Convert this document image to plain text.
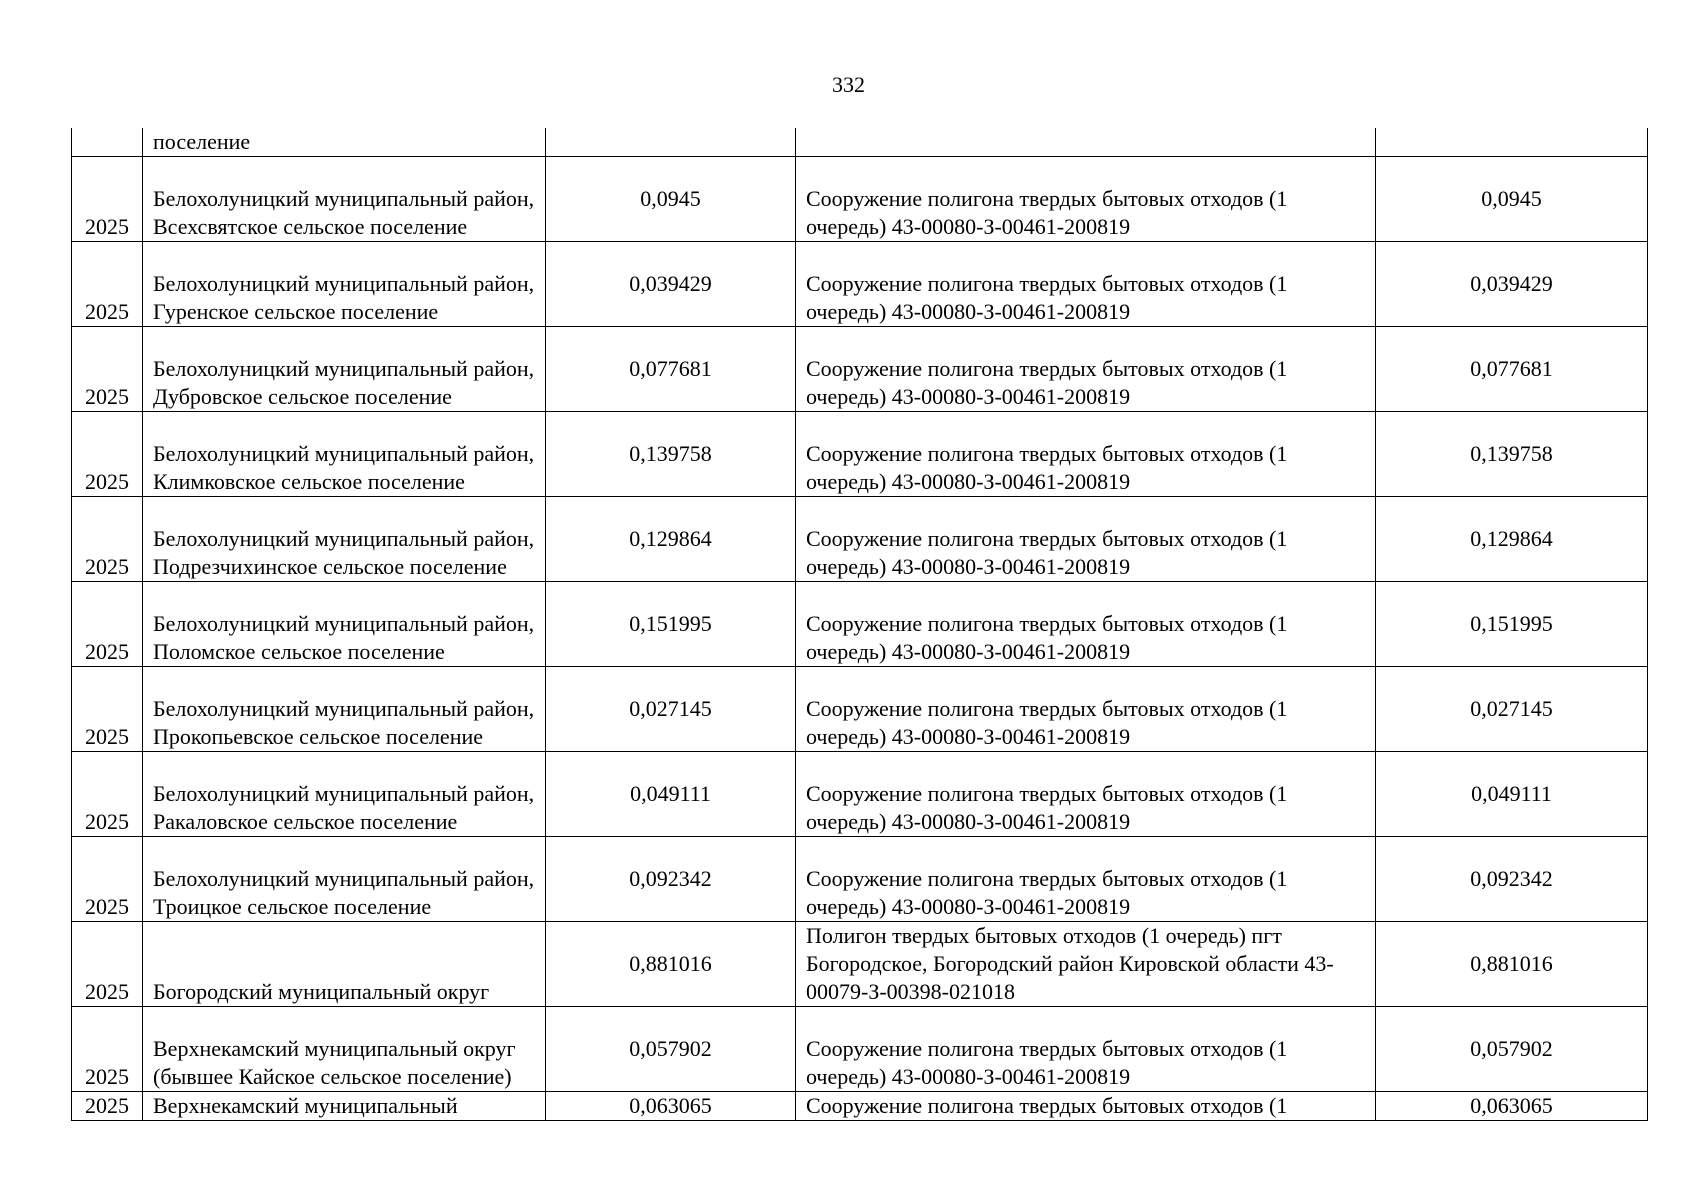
332
	поселение			
2025	Белохолуницкий муниципальный район, Всехсвятское сельское поселение	0,0945	Сооружение полигона твердых бытовых отходов (1 очередь) 43-00080-З-00461-200819	0,0945
2025	Белохолуницкий муниципальный район, Гуренское сельское поселение	0,039429	Сооружение полигона твердых бытовых отходов (1 очередь) 43-00080-З-00461-200819	0,039429
2025	Белохолуницкий муниципальный район, Дубровское сельское поселение	0,077681	Сооружение полигона твердых бытовых отходов (1 очередь) 43-00080-З-00461-200819	0,077681
2025	Белохолуницкий муниципальный район, Климковское сельское поселение	0,139758	Сооружение полигона твердых бытовых отходов (1 очередь) 43-00080-З-00461-200819	0,139758
2025	Белохолуницкий муниципальный район, Подрезчихинское сельское поселение	0,129864	Сооружение полигона твердых бытовых отходов (1 очередь) 43-00080-З-00461-200819	0,129864
2025	Белохолуницкий муниципальный район, Поломское сельское поселение	0,151995	Сооружение полигона твердых бытовых отходов (1 очередь) 43-00080-З-00461-200819	0,151995
2025	Белохолуницкий муниципальный район, Прокопьевское сельское поселение	0,027145	Сооружение полигона твердых бытовых отходов (1 очередь) 43-00080-З-00461-200819	0,027145
2025	Белохолуницкий муниципальный район, Ракаловское сельское поселение	0,049111	Сооружение полигона твердых бытовых отходов (1 очередь) 43-00080-З-00461-200819	0,049111
2025	Белохолуницкий муниципальный район, Троицкое сельское поселение	0,092342	Сооружение полигона твердых бытовых отходов (1 очередь) 43-00080-З-00461-200819	0,092342
2025	Богородский муниципальный округ	0,881016	Полигон твердых бытовых отходов (1 очередь) пгт Богородское, Богородский район Кировской области 43-00079-З-00398-021018	0,881016
2025	Верхнекамский муниципальный округ (бывшее Кайское сельское поселение)	0,057902	Сооружение полигона твердых бытовых отходов (1 очередь) 43-00080-З-00461-200819	0,057902
2025	Верхнекамский муниципальный	0,063065	Сооружение полигона твердых бытовых отходов (1	0,063065
